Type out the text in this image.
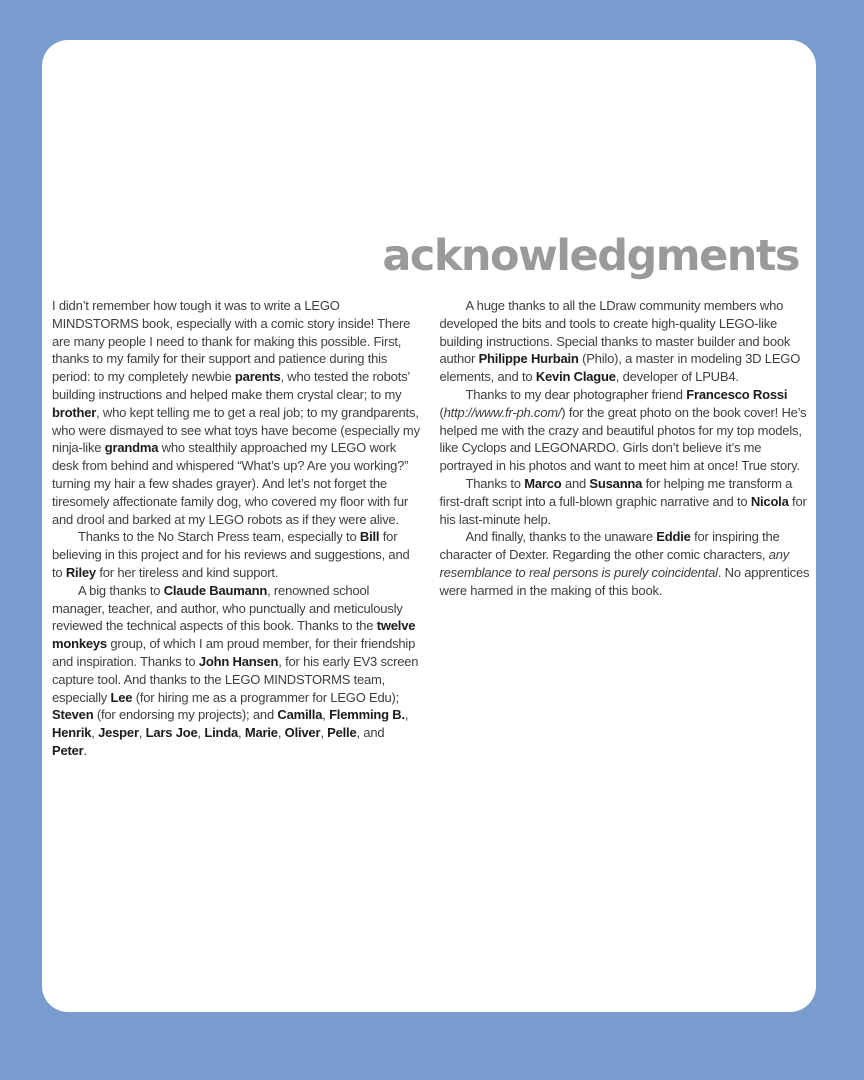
acknowledgments

I didn’t remember how tough it was to write a LEGO MINDSTORMS book, especially with a comic story inside! There are many people I need to thank for making this possible. First, thanks to my family for their support and patience during this period: to my completely newbie parents, who tested the robots’ building instructions and helped make them crystal clear; to my brother, who kept telling me to get a real job; to my grandparents, who were dismayed to see what toys have become (especially my ninja-like grandma who stealthily approached my LEGO work desk from behind and whispered “What’s up? Are you working?” turning my hair a few shades grayer). And let’s not forget the tiresomely affectionate family dog, who covered my floor with fur and drool and barked at my LEGO robots as if they were alive.

Thanks to the No Starch Press team, especially to Bill for believing in this project and for his reviews and suggestions, and to Riley for her tireless and kind support.

A big thanks to Claude Baumann, renowned school manager, teacher, and author, who punctually and meticulously reviewed the technical aspects of this book. Thanks to the twelve monkeys group, of which I am proud member, for their friendship and inspiration. Thanks to John Hansen, for his early EV3 screen capture tool. And thanks to the LEGO MINDSTORMS team, especially Lee (for hiring me as a programmer for LEGO Edu); Steven (for endorsing my projects); and Camilla, Flemming B., Henrik, Jesper, Lars Joe, Linda, Marie, Oliver, Pelle, and Peter.

A huge thanks to all the LDraw community members who developed the bits and tools to create high-quality LEGO-like building instructions. Special thanks to master builder and book author Philippe Hurbain (Philo), a master in modeling 3D LEGO elements, and to Kevin Clague, developer of LPUB4.

Thanks to my dear photographer friend Francesco Rossi (http://www.fr-ph.com/) for the great photo on the book cover! He’s helped me with the crazy and beautiful photos for my top models, like Cyclops and LEGONARDO. Girls don’t believe it’s me portrayed in his photos and want to meet him at once! True story.

Thanks to Marco and Susanna for helping me transform a first-draft script into a full-blown graphic narrative and to Nicola for his last-minute help.

And finally, thanks to the unaware Eddie for inspiring the character of Dexter. Regarding the other comic characters, any resemblance to real persons is purely coincidental. No apprentices were harmed in the making of this book.
